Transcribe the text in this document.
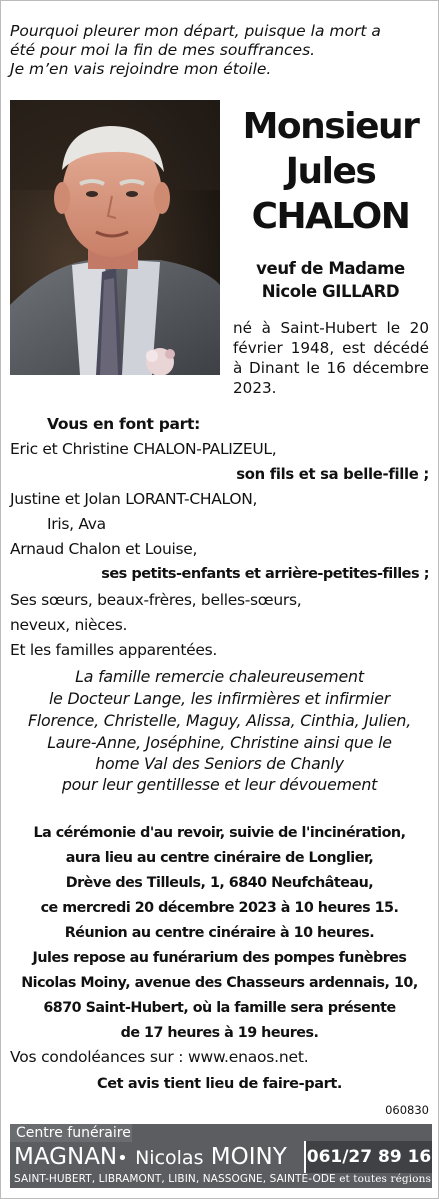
Pourquoi pleurer mon départ, puisque la mort a
été pour moi la fin de mes souffrances.
Je m’en vais rejoindre mon étoile.
Monsieur
Jules
CHALON
veuf de Madame
Nicole GILLARD
né à Saint-Hubert le 20 février 1948, est décédé à Dinant le 16 décembre 2023.
Vous en font part:
Eric et Christine CHALON-PALIZEUL,
son fils et sa belle-fille ;
Justine et Jolan LORANT-CHALON,
Iris, Ava
Arnaud Chalon et Louise,
ses petits-enfants et arrière-petites-filles ;
Ses sœurs, beaux-frères, belles-sœurs,
neveux, nièces.
Et les familles apparentées.
La famille remercie chaleureusement
le Docteur Lange, les infirmières et infirmier
Florence, Christelle, Maguy, Alissa, Cinthia, Julien,
Laure-Anne, Joséphine, Christine ainsi que le
home Val des Seniors de Chanly
pour leur gentillesse et leur dévouement
La cérémonie d'au revoir, suivie de l'incinération,
aura lieu au centre cinéraire de Longlier,
Drève des Tilleuls, 1, 6840 Neufchâteau,
ce mercredi 20 décembre 2023 à 10 heures 15.
Réunion au centre cinéraire à 10 heures.
Jules repose au funérarium des pompes funèbres
Nicolas Moiny, avenue des Chasseurs ardennais, 10,
6870 Saint-Hubert, où la famille sera présente
de 17 heures à 19 heures.
Vos condoléances sur : www.enaos.net.
Cet avis tient lieu de faire-part.
060830
Centre funéraire
MAGNAN• Nicolas MOINY 061/27 89 16
SAINT-HUBERT, LIBRAMONT, LIBIN, NASSOGNE, SAINTE-ODE et toutes régions
